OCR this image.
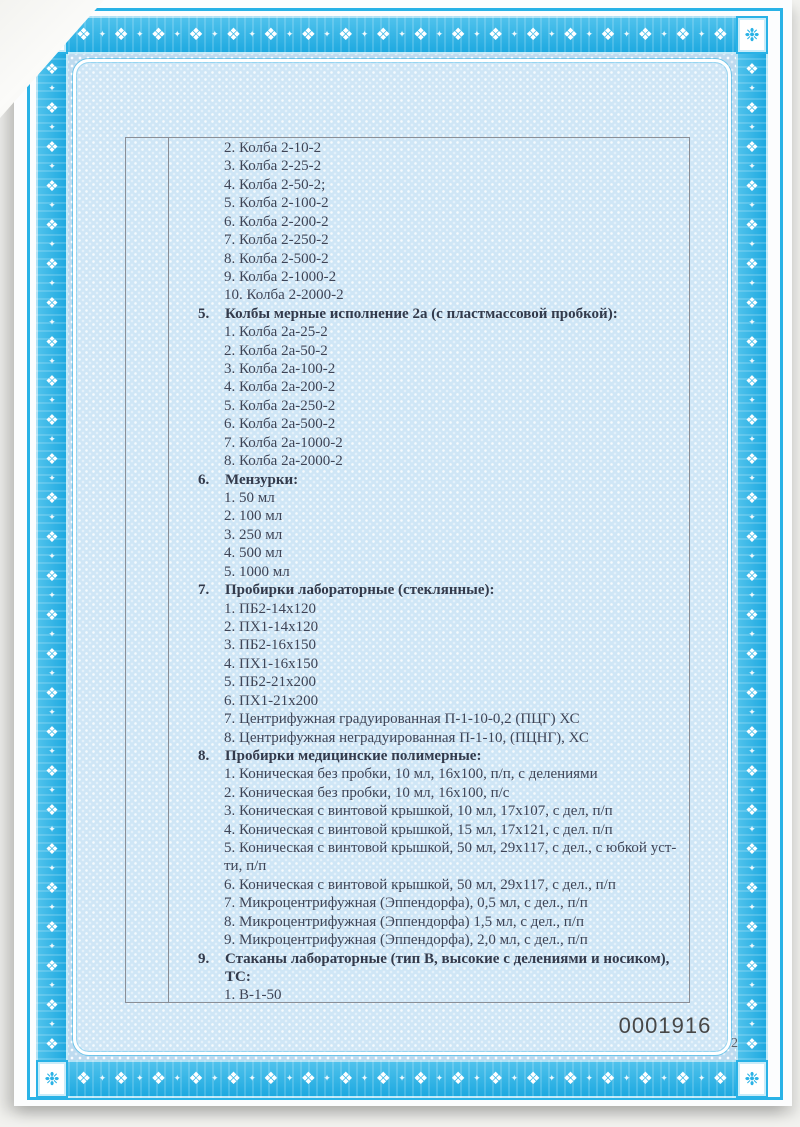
❖ ✦ ❖ ✦ ❖ ✦ ❖ ✦ ❖ ✦ ❖ ✦ ❖ ✦ ❖ ✦ ❖ ✦ ❖ ✦ ❖ ✦ ❖ ✦ ❖ ✦ ❖ ✦ ❖ ✦ ❖ ✦ ❖ ✦ ❖
❖ ✦ ❖ ✦ ❖ ✦ ❖ ✦ ❖ ✦ ❖ ✦ ❖ ✦ ❖ ✦ ❖ ✦ ❖ ✦ ❖ ✦ ❖ ✦ ❖ ✦ ❖ ✦ ❖ ✦ ❖ ✦ ❖ ✦ ❖
❖
✦
❖
✦
❖
✦
❖
✦
❖
✦
❖
✦
❖
✦
❖
✦
❖
✦
❖
✦
❖
✦
❖
✦
❖
✦
❖
✦
❖
✦
❖
✦
❖
✦
❖
✦
❖
✦
❖
✦
❖
✦
❖
✦
❖
✦
❖
✦
❖
✦
❖
❖
✦
❖
✦
❖
✦
❖
✦
❖
✦
❖
✦
❖
✦
❖
✦
❖
✦
❖
✦
❖
✦
❖
✦
❖
✦
❖
✦
❖
✦
❖
✦
❖
✦
❖
✦
❖
✦
❖
✦
❖
✦
❖
✦
❖
✦
❖
✦
❖
✦
❖
❉
❉	❉
2. Колба 2-10-2
3. Колба 2-25-2
4. Колба 2-50-2;
5. Колба 2-100-2
6. Колба 2-200-2
7. Колба 2-250-2
8. Колба 2-500-2
9. Колба 2-1000-2
10. Колба 2-2000-2
5.	Колбы мерные исполнение 2а (с пластмассовой пробкой):
1. Колба 2а-25-2
2. Колба 2а-50-2
3. Колба 2а-100-2
4. Колба 2а-200-2
5. Колба 2а-250-2
6. Колба 2а-500-2
7. Колба 2а-1000-2
8. Колба 2а-2000-2
6.	Мензурки:
1. 50 мл
2. 100 мл
3. 250 мл
4. 500 мл
5. 1000 мл
7.	Пробирки лабораторные (стеклянные):
1. ПБ2-14х120
2. ПХ1-14х120
3. ПБ2-16х150
4. ПХ1-16х150
5. ПБ2-21х200
6. ПХ1-21х200
7. Центрифужная градуированная П-1-10-0,2 (ПЦГ) ХС
8. Центрифужная неградуированная П-1-10, (ПЦНГ), ХС
8.	Пробирки медицинские полимерные:
1. Коническая без пробки, 10 мл, 16х100, п/п, с делениями
2. Коническая без пробки, 10 мл, 16х100, п/с
3. Коническая с винтовой крышкой, 10 мл, 17х107, с дел, п/п
4. Коническая с винтовой крышкой, 15 мл, 17х121, с дел. п/п
5. Коническая с винтовой крышкой, 50 мл, 29х117, с дел., с юбкой уст-ти, п/п
6. Коническая с винтовой крышкой, 50 мл, 29х117, с дел., п/п
7. Микроцентрифужная (Эппендорфа), 0,5 мл, с дел., п/п
8. Микроцентрифужная (Эппендорфа) 1,5 мл, с дел., п/п
9. Микроцентрифужная (Эппендорфа), 2,0 мл, с дел., п/п
9.	Стаканы лабораторные (тип В, высокие с делениями и носиком), ТС:
1. В-1-50
0001916
2
